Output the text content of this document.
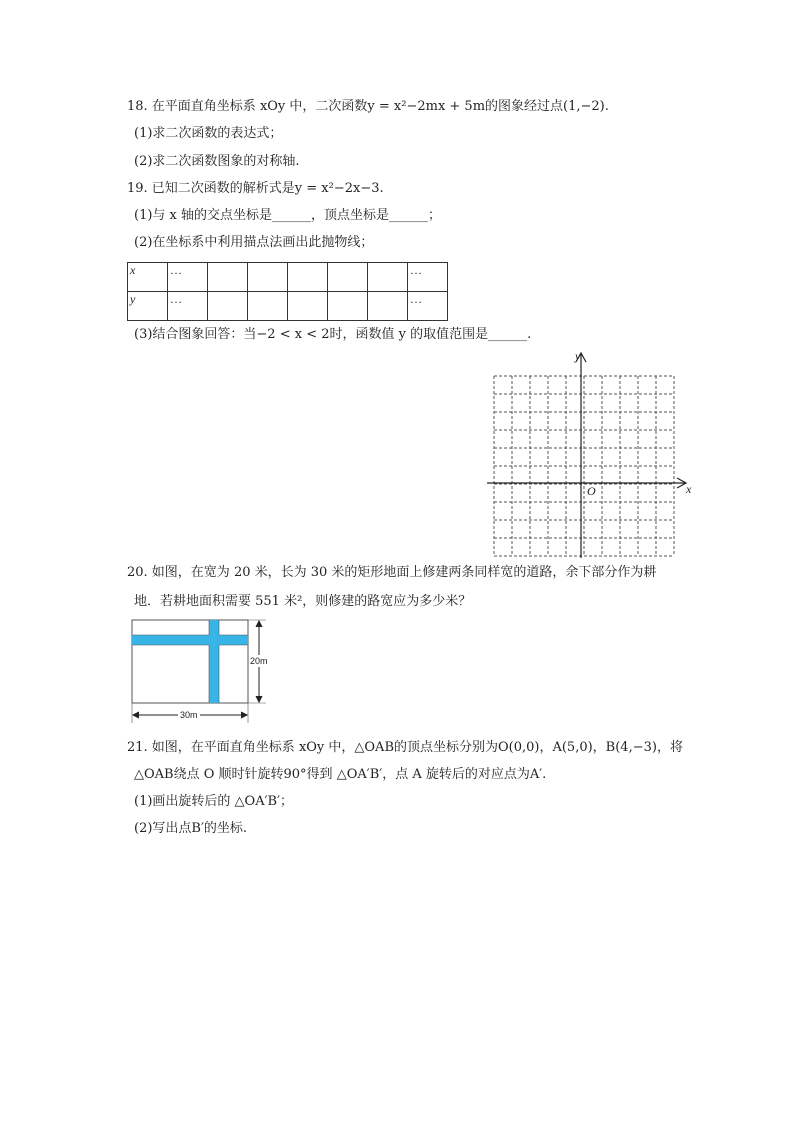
18. 在平面直角坐标系 xOy 中，二次函数y = x²−2mx + 5m的图象经过点(1,−2).
(1)求二次函数的表达式；
(2)求二次函数图象的对称轴.
19. 已知二次函数的解析式是y = x²−2x−3.
(1)与 x 轴的交点坐标是______，顶点坐标是______；
(2)在坐标系中利用描点法画出此抛物线；
x	…						…
y	…						…
(3)结合图象回答：当−2 < x < 2时，函数值 y 的取值范围是______.
y
x
O
20. 如图，在宽为 20 米，长为 30 米的矩形地面上修建两条同样宽的道路，余下部分作为耕
地．若耕地面积需要 551 米²，则修建的路宽应为多少米？
20m
30m
21. 如图，在平面直角坐标系 xOy 中，△OAB的顶点坐标分别为O(0,0)，A(5,0)，B(4,−3)，将
△OAB绕点 O 顺时针旋转90°得到 △OA′B′，点 A 旋转后的对应点为A′.
(1)画出旋转后的 △OA′B′；
(2)写出点B′的坐标.
